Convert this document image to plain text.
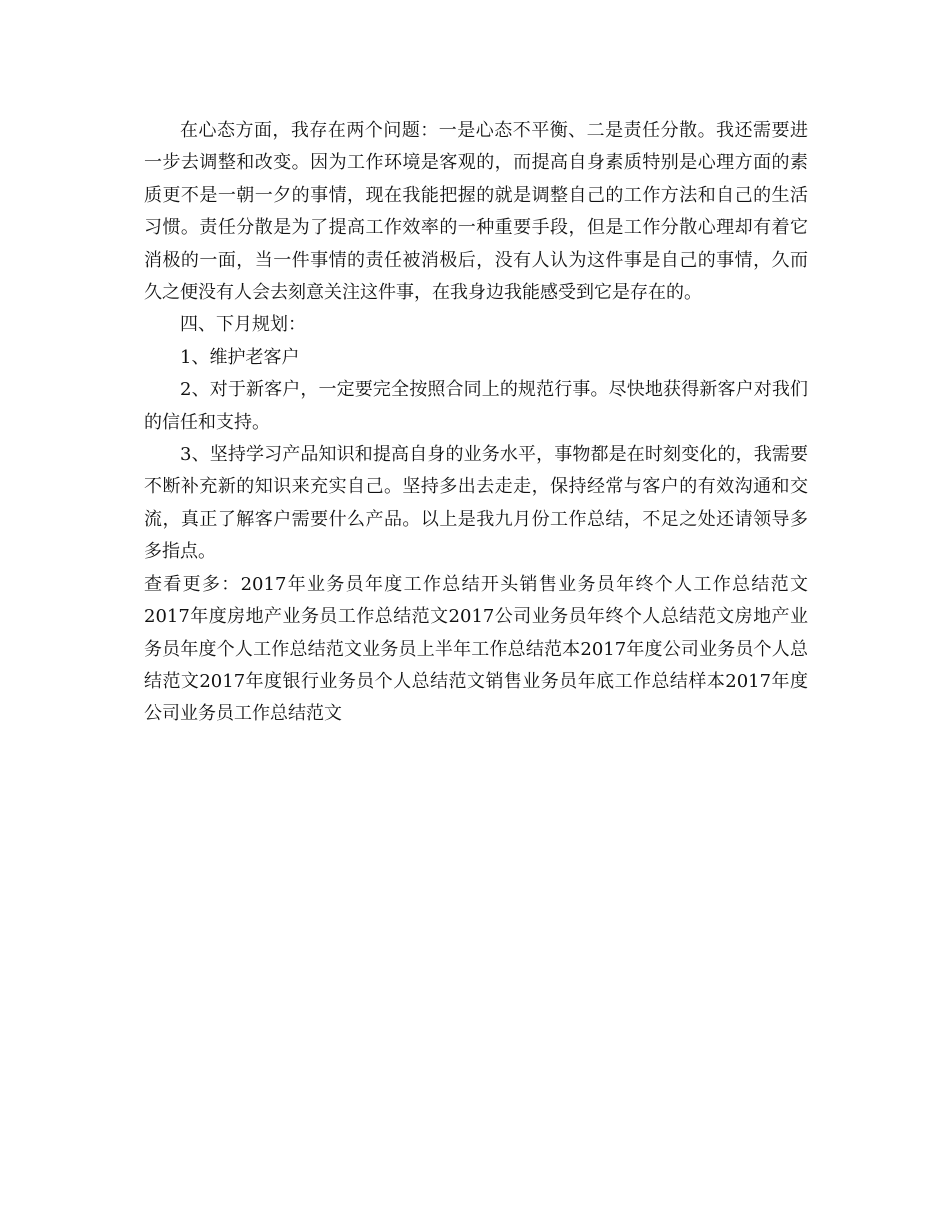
在心态方面，我存在两个问题：一是心态不平衡、二是责任分散。我还需要进一步去调整和改变。因为工作环境是客观的，而提高自身素质特别是心理方面的素质更不是一朝一夕的事情，现在我能把握的就是调整自己的工作方法和自己的生活习惯。责任分散是为了提高工作效率的一种重要手段，但是工作分散心理却有着它消极的一面，当一件事情的责任被消极后，没有人认为这件事是自己的事情，久而久之便没有人会去刻意关注这件事，在我身边我能感受到它是存在的。

四、下月规划：

1、维护老客户

2、对于新客户，一定要完全按照合同上的规范行事。尽快地获得新客户对我们的信任和支持。

3、坚持学习产品知识和提高自身的业务水平，事物都是在时刻变化的，我需要不断补充新的知识来充实自己。坚持多出去走走，保持经常与客户的有效沟通和交流，真正了解客户需要什么产品。以上是我九月份工作总结，不足之处还请领导多多指点。

查看更多：2017年业务员年度工作总结开头销售业务员年终个人工作总结范文2017年度房地产业务员工作总结范文2017公司业务员年终个人总结范文房地产业务员年度个人工作总结范文业务员上半年工作总结范本2017年度公司业务员个人总结范文2017年度银行业务员个人总结范文销售业务员年底工作总结样本2017年度公司业务员工作总结范文
